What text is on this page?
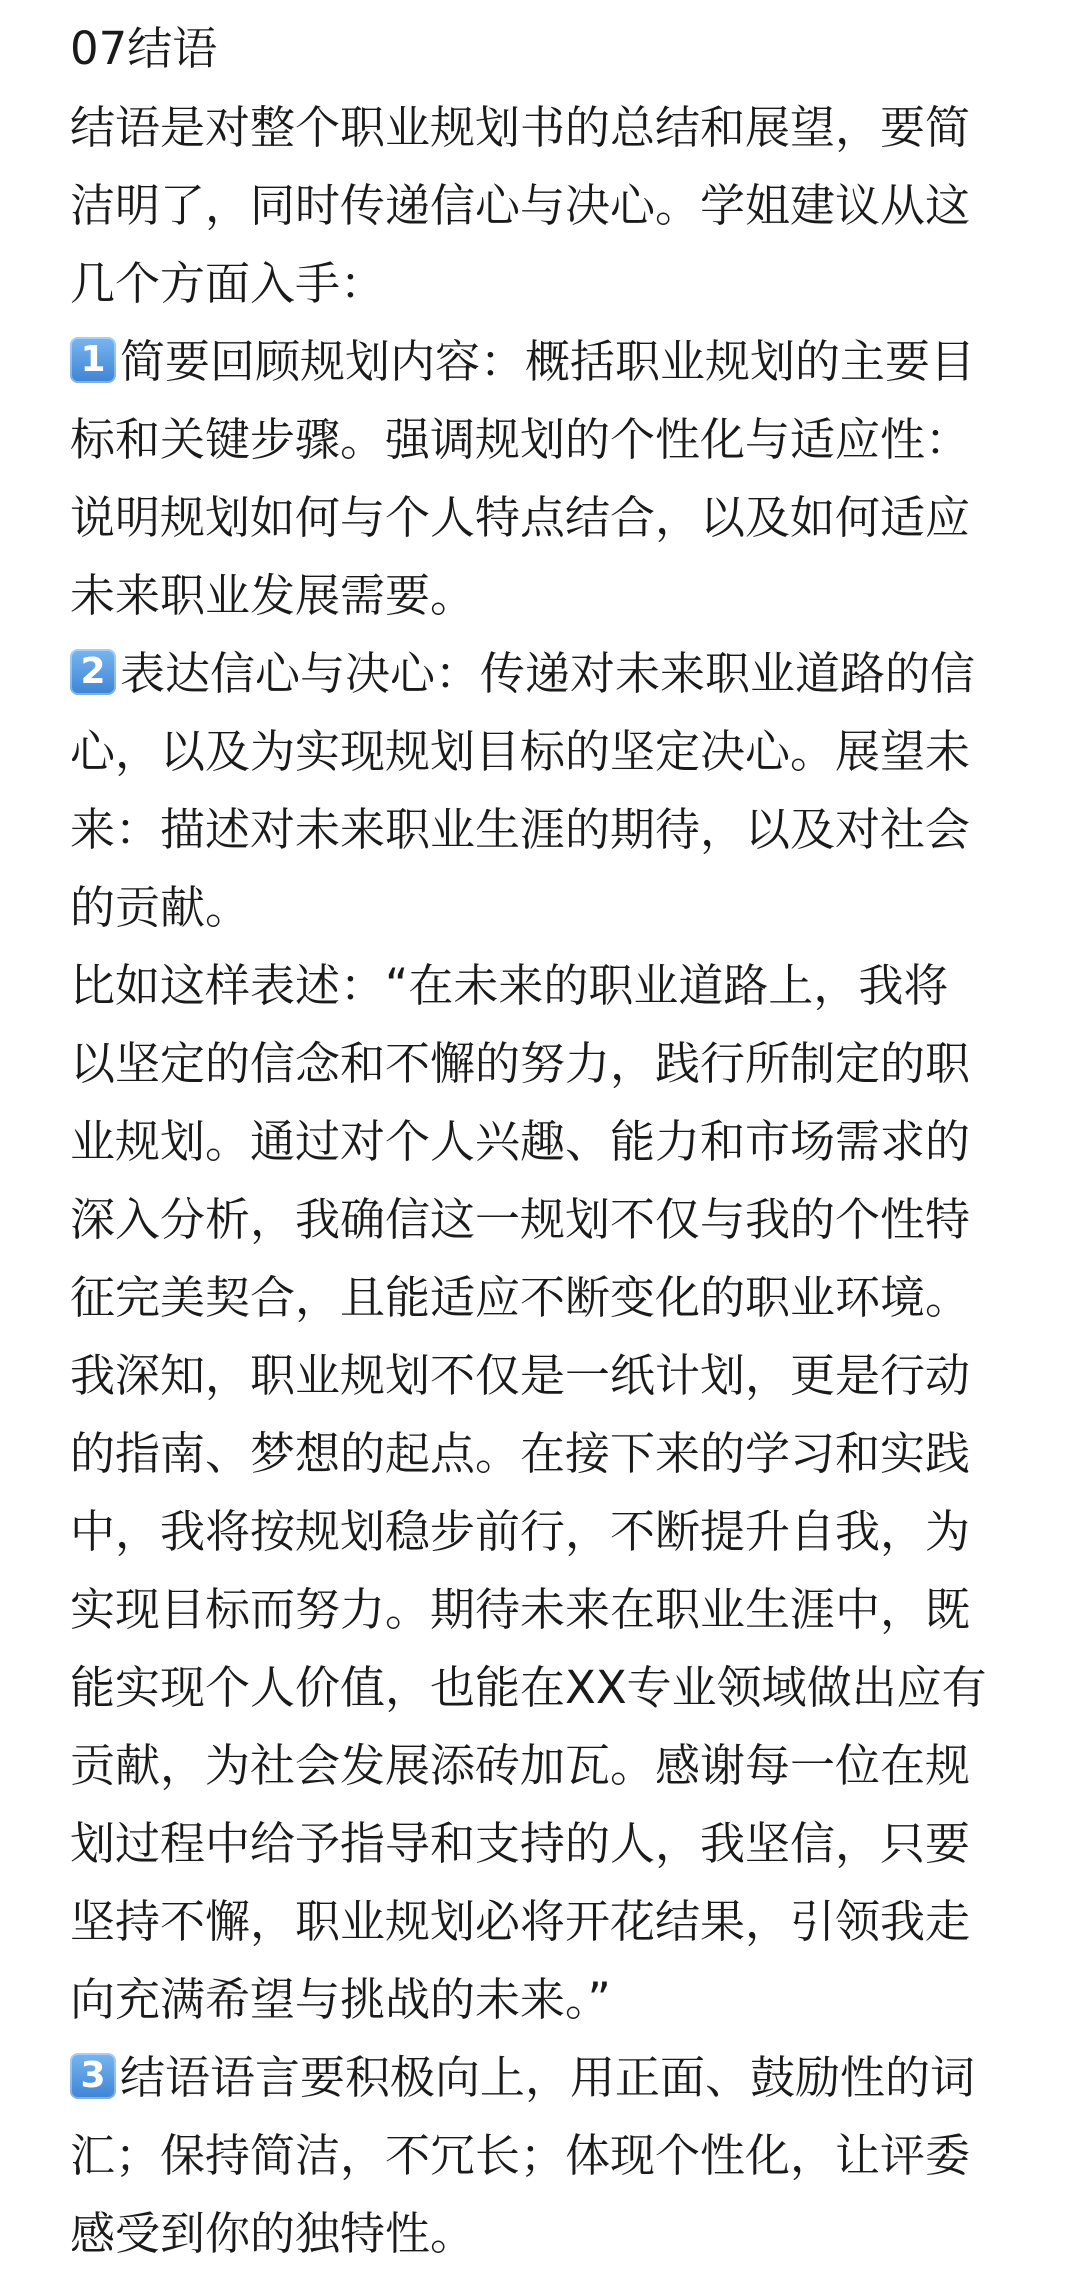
07结语
结语是对整个职业规划书的总结和展望，要简
洁明了，同时传递信心与决心。学姐建议从这
几个方面入手：
1 简要回顾规划内容：概括职业规划的主要目
标和关键步骤。强调规划的个性化与适应性：
说明规划如何与个人特点结合，以及如何适应
未来职业发展需要。
2 表达信心与决心：传递对未来职业道路的信
心，以及为实现规划目标的坚定决心。展望未
来：描述对未来职业生涯的期待，以及对社会
的贡献。
比如这样表述：“在未来的职业道路上，我将
以坚定的信念和不懈的努力，践行所制定的职
业规划。通过对个人兴趣、能力和市场需求的
深入分析，我确信这一规划不仅与我的个性特
征完美契合，且能适应不断变化的职业环境。
我深知，职业规划不仅是一纸计划，更是行动
的指南、梦想的起点。在接下来的学习和实践
中，我将按规划稳步前行，不断提升自我，为
实现目标而努力。期待未来在职业生涯中，既
能实现个人价值，也能在XX专业领域做出应有
贡献，为社会发展添砖加瓦。感谢每一位在规
划过程中给予指导和支持的人，我坚信，只要
坚持不懈，职业规划必将开花结果，引领我走
向充满希望与挑战的未来。”
3 结语语言要积极向上，用正面、鼓励性的词
汇；保持简洁，不冗长；体现个性化，让评委
感受到你的独特性。
